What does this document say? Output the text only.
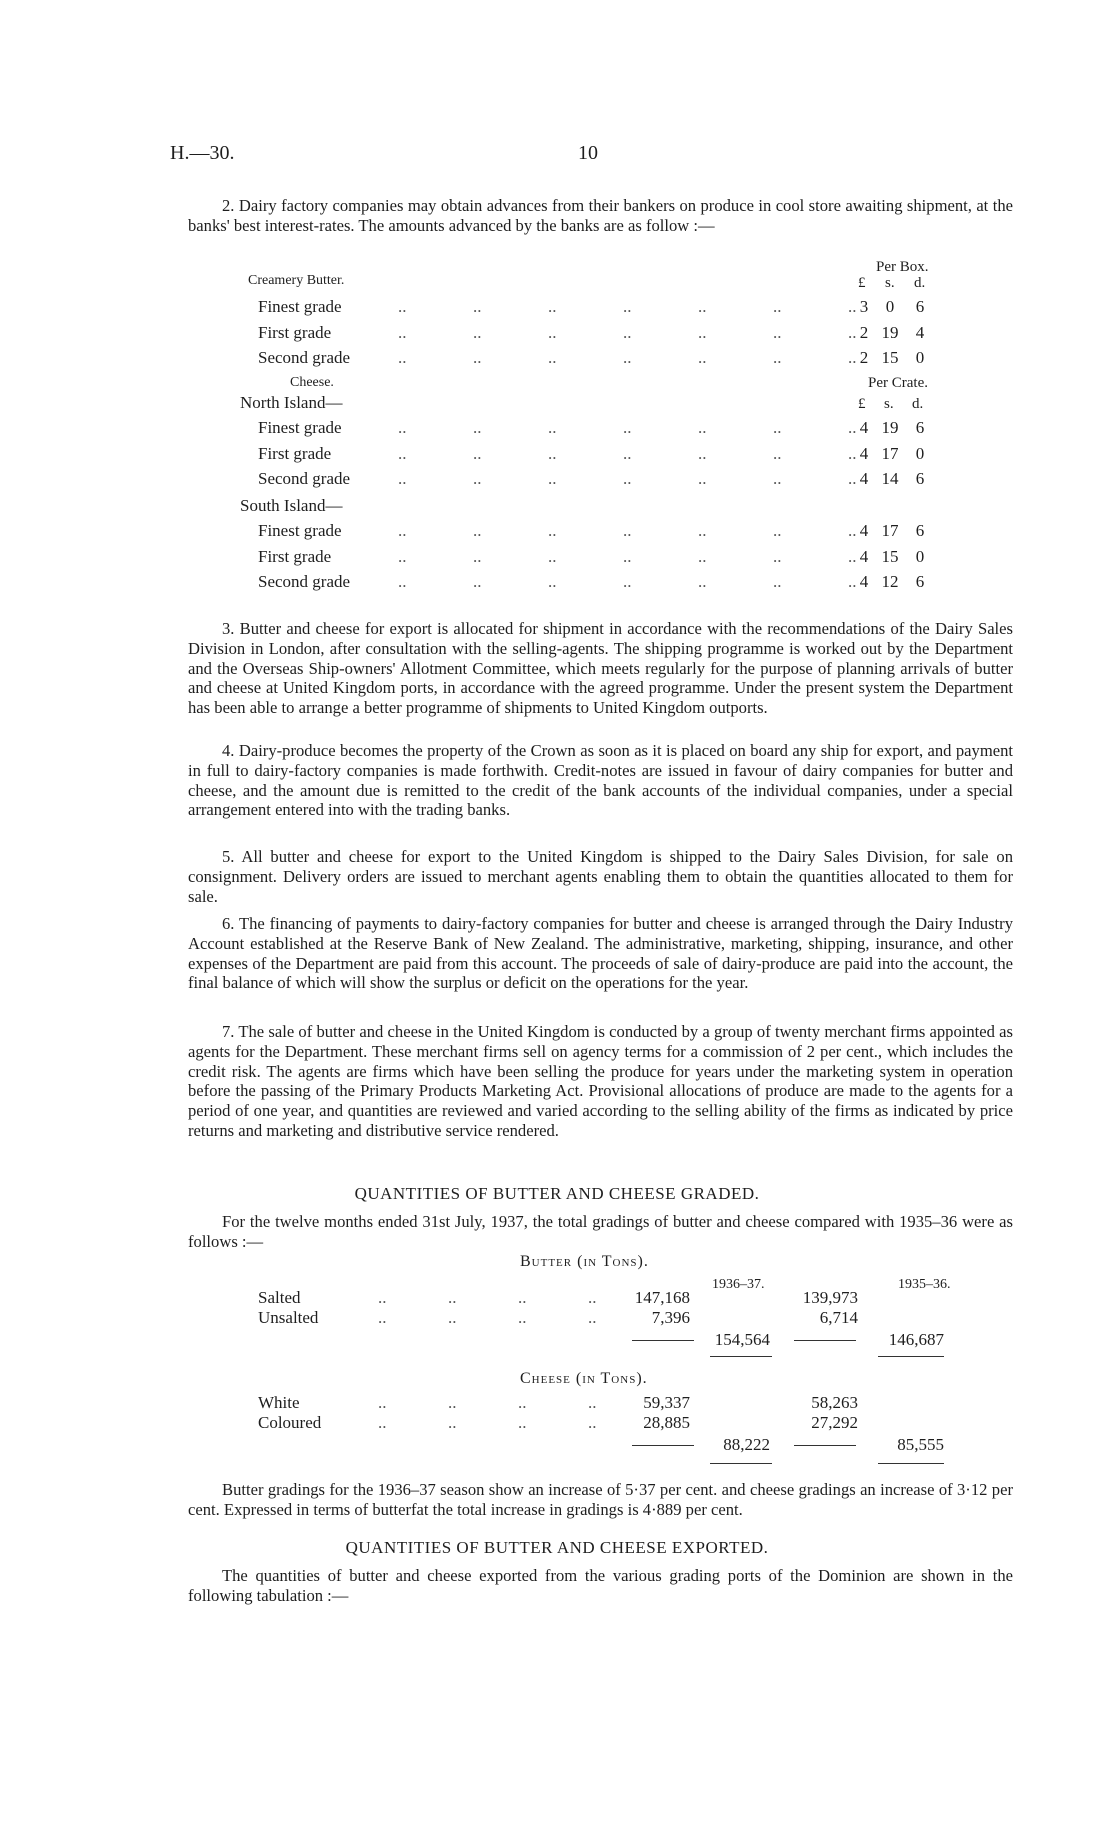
H.—30.	10

2. Dairy factory companies may obtain advances from their bankers on produce in cool store awaiting shipment, at the banks' best interest-rates. The amounts advanced by the banks are as follow :—

Creamery Butter.
Per Box.
£ s. d.
Finest grade	..	..	..	..	..	..	.. 3	0	6
First grade	..	..	..	..	..	..	.. 2 19	4
Second grade	..	..	..	..	..	..	.. 2 15	0
Cheese.	Per Crate.
North Island—	£ s. d.
Finest grade	..	..	..	..	..	..	.. 4 19	6
First grade	..	..	..	..	..	..	.. 4 17	0
Second grade	..	..	..	..	..	..	.. 4 14	6
South Island—
Finest grade	..	..	..	..	..	..	.. 4 17	6
First grade	..	..	..	..	..	..	.. 4 15	0
Second grade	..	..	..	..	..	..	.. 4 12	6

3. Butter and cheese for export is allocated for shipment in accordance with the recommendations of the Dairy Sales Division in London, after consultation with the selling-agents. The shipping programme is worked out by the Department and the Overseas Ship-owners' Allotment Committee, which meets regularly for the purpose of planning arrivals of butter and cheese at United Kingdom ports, in accordance with the agreed programme. Under the present system the Department has been able to arrange a better programme of shipments to United Kingdom outports.

4. Dairy-produce becomes the property of the Crown as soon as it is placed on board any ship for export, and payment in full to dairy-factory companies is made forthwith. Credit-notes are issued in favour of dairy companies for butter and cheese, and the amount due is remitted to the credit of the bank accounts of the individual companies, under a special arrangement entered into with the trading banks.

5. All butter and cheese for export to the United Kingdom is shipped to the Dairy Sales Division, for sale on consignment. Delivery orders are issued to merchant agents enabling them to obtain the quantities allocated to them for sale.

6. The financing of payments to dairy-factory companies for butter and cheese is arranged through the Dairy Industry Account established at the Reserve Bank of New Zealand. The administrative, marketing, shipping, insurance, and other expenses of the Department are paid from this account. The proceeds of sale of dairy-produce are paid into the account, the final balance of which will show the surplus or deficit on the operations for the year.

7. The sale of butter and cheese in the United Kingdom is conducted by a group of twenty merchant firms appointed as agents for the Department. These merchant firms sell on agency terms for a commission of 2 per cent., which includes the credit risk. The agents are firms which have been selling the produce for years under the marketing system in operation before the passing of the Primary Products Marketing Act. Provisional allocations of produce are made to the agents for a period of one year, and quantities are reviewed and varied according to the selling ability of the firms as indicated by price returns and marketing and distributive service rendered.

QUANTITIES OF BUTTER AND CHEESE GRADED.

For the twelve months ended 31st July, 1937, the total gradings of butter and cheese compared with 1935–36 were as follows :—

Butter (in Tons).
1936–37.	1935–36.
Salted	..	..	..	..	147,168	139,973
Unsalted	..	..	..	..	7,396	6,714
154,564	146,687
Cheese (in Tons).
White	..	..	..	..	59,337	58,263
Coloured	..	..	..	..	28,885	27,292
88,222	85,555

Butter gradings for the 1936–37 season show an increase of 5·37 per cent. and cheese gradings an increase of 3·12 per cent. Expressed in terms of butterfat the total increase in gradings is 4·889 per cent.

QUANTITIES OF BUTTER AND CHEESE EXPORTED.

The quantities of butter and cheese exported from the various grading ports of the Dominion are shown in the following tabulation :—
